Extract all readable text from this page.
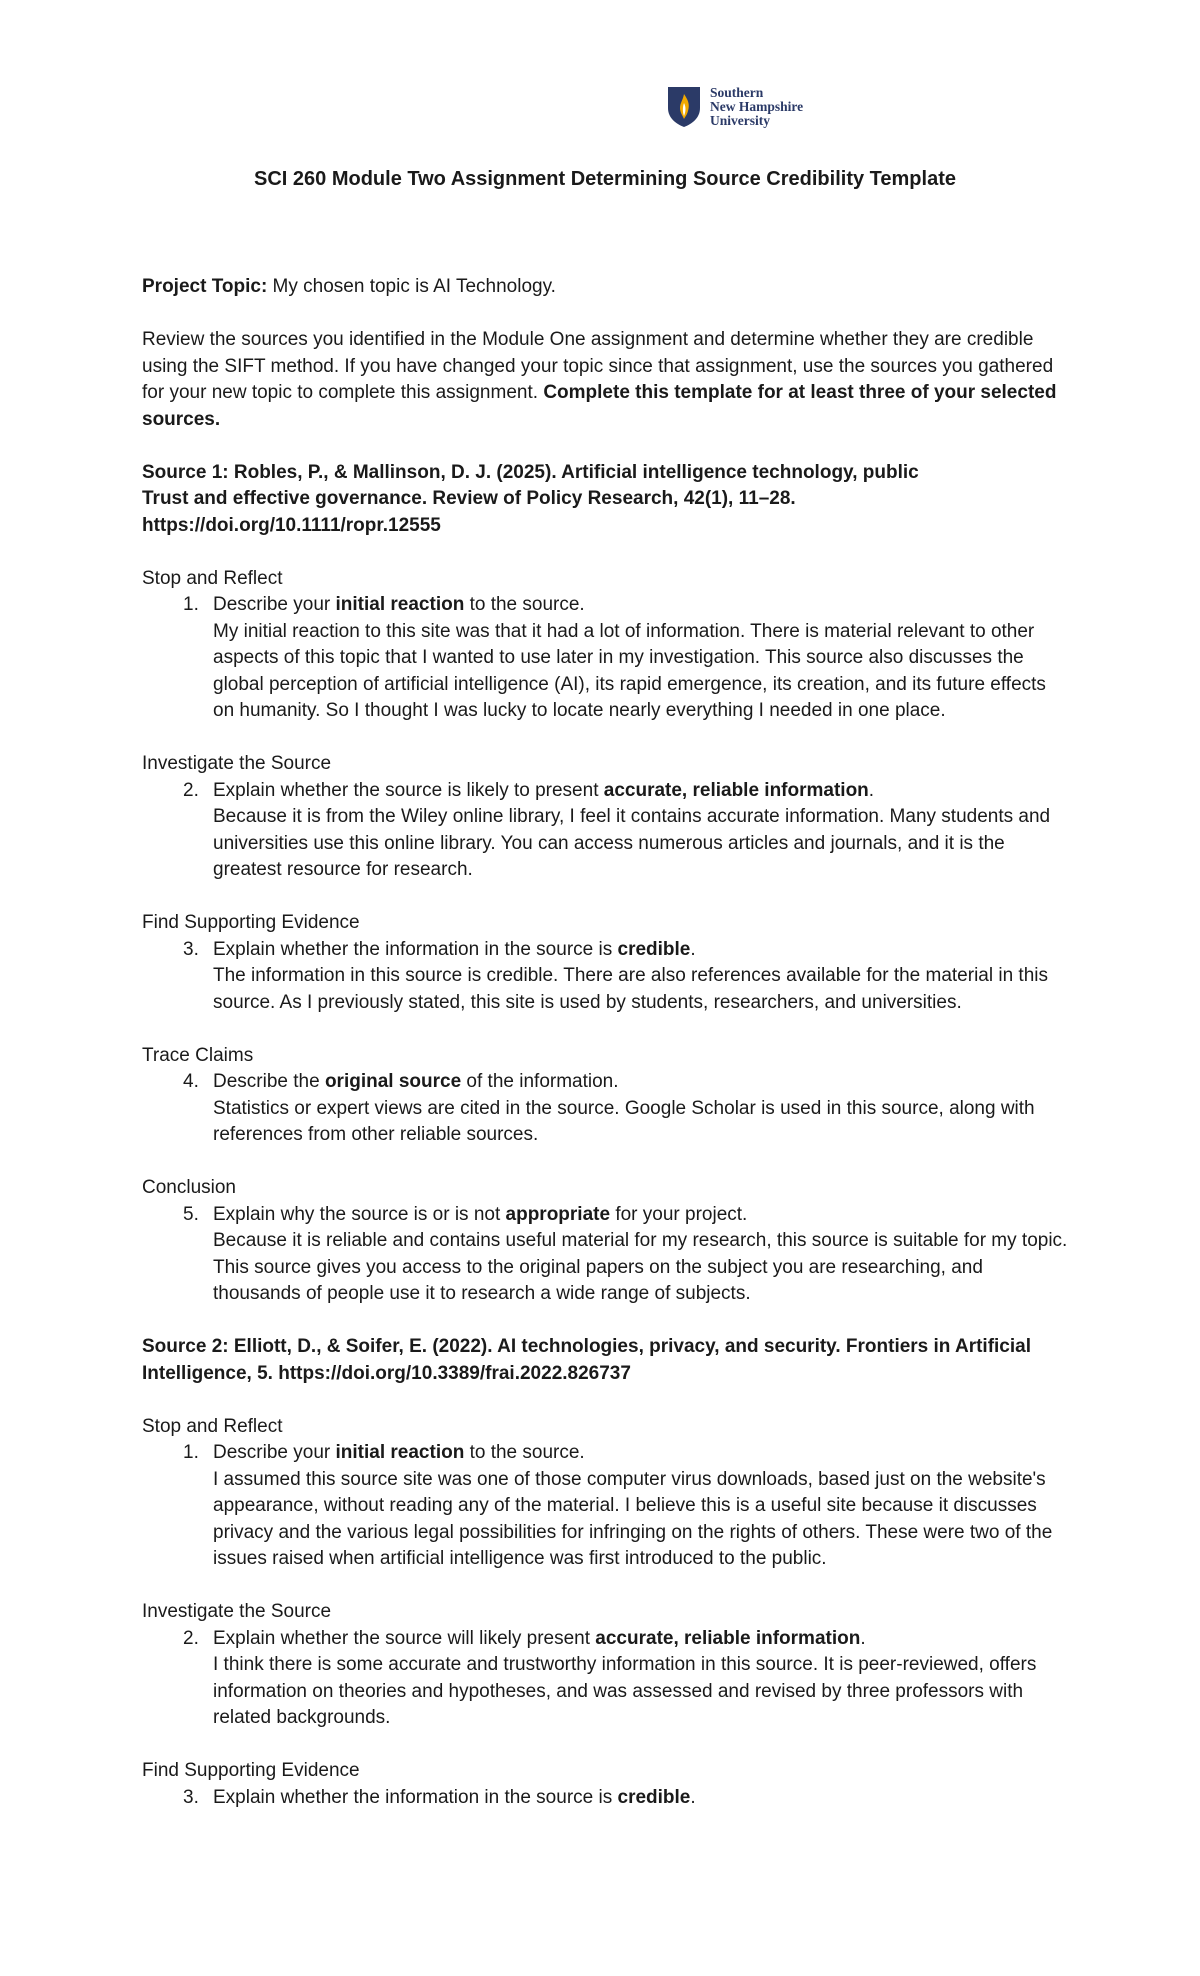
Southern
New Hampshire
University
SCI 260 Module Two Assignment Determining Source Credibility Template

Project Topic: My chosen topic is AI Technology.

Review the sources you identified in the Module One assignment and determine whether they are credible using the SIFT method. If you have changed your topic since that assignment, use the sources you gathered for your new topic to complete this assignment. Complete this template for at least three of your selected sources.

Source 1: Robles, P., & Mallinson, D. J. (2025). Artificial intelligence technology, public
Trust and effective governance. Review of Policy Research, 42(1), 11–28.
https://doi.org/10.1111/ropr.12555

Stop and Reflect

1. Describe your initial reaction to the source.

My initial reaction to this site was that it had a lot of information. There is material relevant to other aspects of this topic that I wanted to use later in my investigation. This source also discusses the global perception of artificial intelligence (AI), its rapid emergence, its creation, and its future effects on humanity. So I thought I was lucky to locate nearly everything I needed in one place.

Investigate the Source

2. Explain whether the source is likely to present accurate, reliable information.

Because it is from the Wiley online library, I feel it contains accurate information. Many students and universities use this online library. You can access numerous articles and journals, and it is the greatest resource for research.

Find Supporting Evidence

3. Explain whether the information in the source is credible.

The information in this source is credible. There are also references available for the material in this source. As I previously stated, this site is used by students, researchers, and universities.

Trace Claims

4. Describe the original source of the information.

Statistics or expert views are cited in the source. Google Scholar is used in this source, along with references from other reliable sources.

Conclusion

5. Explain why the source is or is not appropriate for your project.

Because it is reliable and contains useful material for my research, this source is suitable for my topic. This source gives you access to the original papers on the subject you are researching, and thousands of people use it to research a wide range of subjects.

Source 2: Elliott, D., & Soifer, E. (2022). AI technologies, privacy, and security. Frontiers in Artificial Intelligence, 5. https://doi.org/10.3389/frai.2022.826737

Stop and Reflect

1. Describe your initial reaction to the source.

I assumed this source site was one of those computer virus downloads, based just on the website's appearance, without reading any of the material. I believe this is a useful site because it discusses privacy and the various legal possibilities for infringing on the rights of others. These were two of the issues raised when artificial intelligence was first introduced to the public.

Investigate the Source

2. Explain whether the source will likely present accurate, reliable information.

I think there is some accurate and trustworthy information in this source. It is peer-reviewed, offers information on theories and hypotheses, and was assessed and revised by three professors with related backgrounds.

Find Supporting Evidence

3. Explain whether the information in the source is credible.
